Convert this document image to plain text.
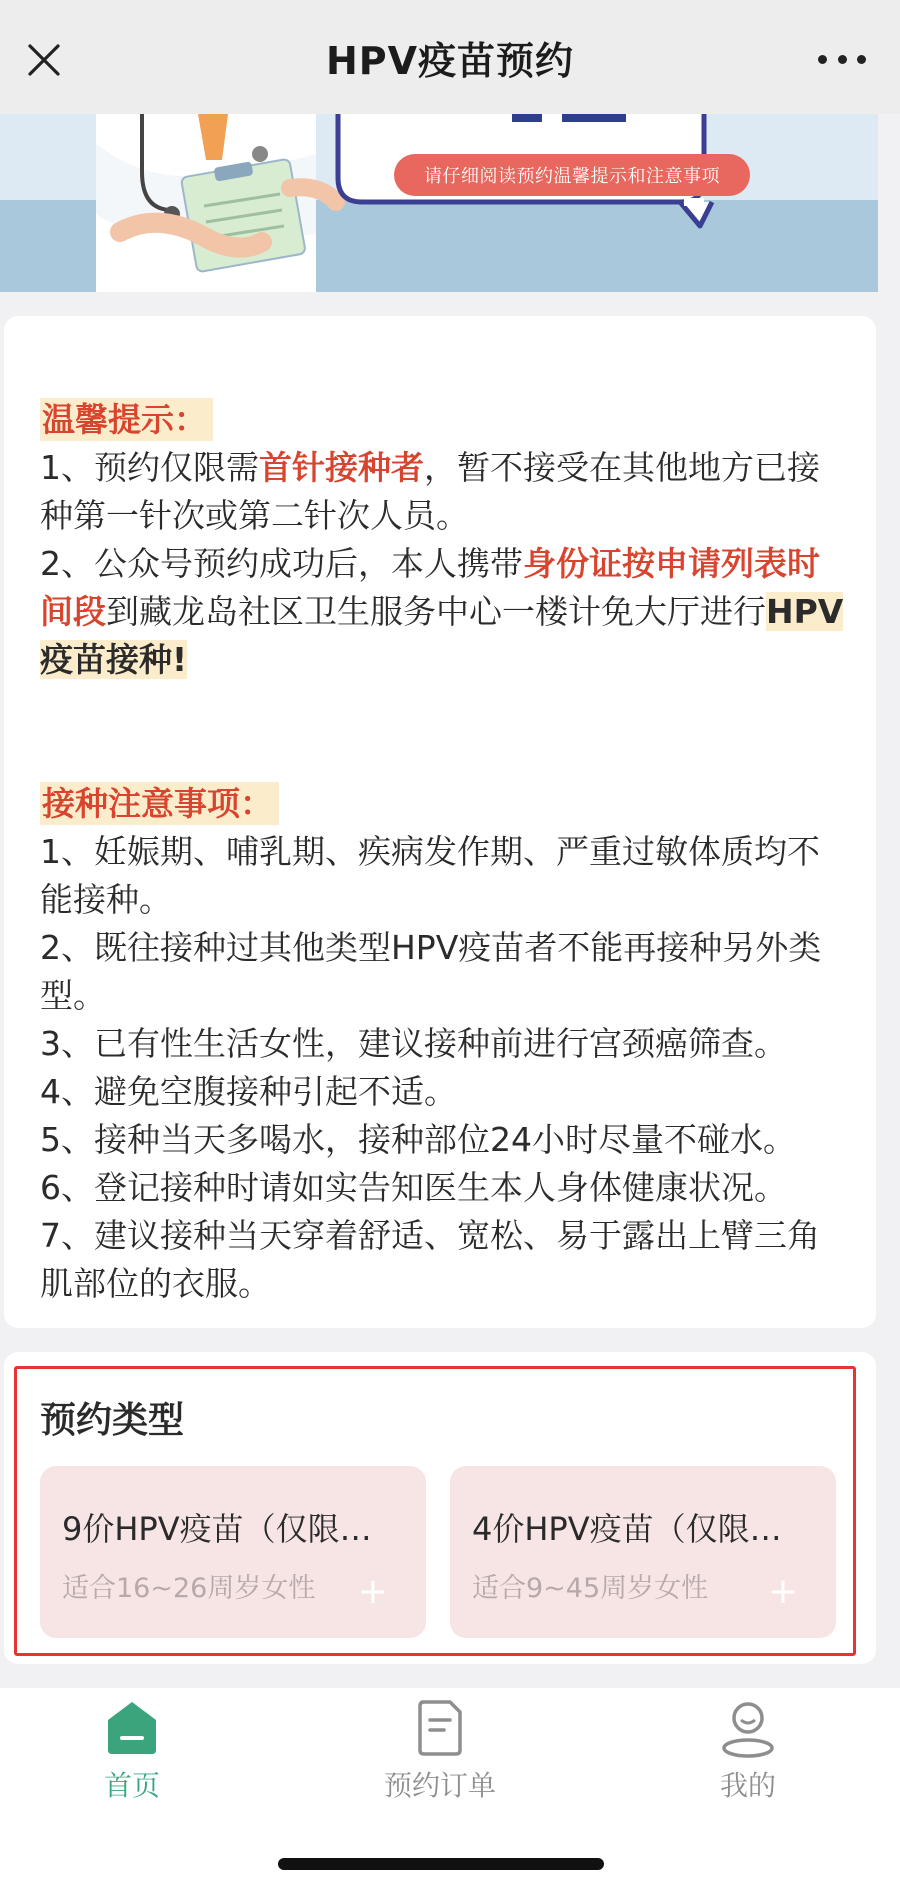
HPV疫苗预约
请仔细阅读预约温馨提示和注意事项
温馨提示：
1、预约仅限需首针接种者，暂不接受在其他地方已接种第一针次或第二针次人员。
2、公众号预约成功后，本人携带身份证按申请列表时间段到藏龙岛社区卫生服务中心一楼计免大厅进行HPV疫苗接种!
接种注意事项：

1、妊娠期、哺乳期、疾病发作期、严重过敏体质均不能接种。
2、既往接种过其他类型HPV疫苗者不能再接种另外类型。
3、已有性生活女性，建议接种前进行宫颈癌筛查。
4、避免空腹接种引起不适。
5、接种当天多喝水，接种部位24小时尽量不碰水。
6、登记接种时请如实告知医生本人身体健康状况。
7、建议接种当天穿着舒适、宽松、易于露出上臂三角肌部位的衣服。
预约类型
9价HPV疫苗（仅限…
适合16~26周岁女性 +
4价HPV疫苗（仅限…
适合9~45周岁女性 +
首页	预约订单	我的
